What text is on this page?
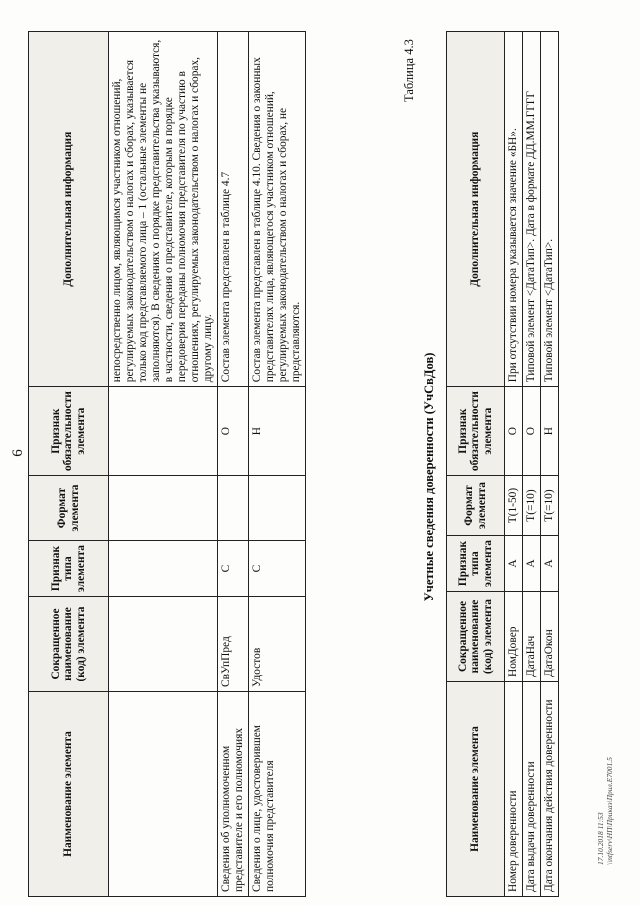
6
Наименование элемента	Сокращенное наименование (код) элемента	Признак типа элемента	Формат элемента	Признак обязательности элемента	Дополнительная информация
					непосредственно лицом, являющимся участником отношений, регулируемых законодательством о налогах и сборах, указывается только код представляемого лица – 1 (остальные элементы не заполняются). В сведениях о порядке представительства указываются, в частности, сведения о представителе, которым в порядке передоверия переданы полномочия представителя по участию в отношениях, регулируемых законодательством о налогах и сборах, другому лицу.
Сведения об уполномоченном представителе и его полномочиях	СвУпПред	С		О	Состав элемента представлен в таблице 4.7
Сведения о лице, удостоверившем полномочия представителя	Удостов	С		Н	Состав элемента представлен в таблице 4.10. Сведения о законных представителях лица, являющегося участником отношений, регулируемых законодательством о налогах и сборах, не представляются.
Таблица 4.3
Учетные сведения доверенности (УчСвДов)
Наименование элемента	Сокращенное наименование (код) элемента	Признак типа элемента	Формат элемента	Признак обязательности элемента	Дополнительная информация
Номер доверенности	НомДовер	А	T(1-50)	О	При отсутствии номера указывается значение «БН».
Дата выдачи доверенности	ДатаНач	А	T(=10)	О	Типовой элемент <ДатаТип>. Дата в формате ДД.ММ.ГГГГ
Дата окончания действия доверенности	ДатаОкон	А	T(=10)	Н	Типовой элемент <ДатаТип>.
17.10.2018 11:53 \\ntfserv\НП\Приказ\Прил.Е7001.5
